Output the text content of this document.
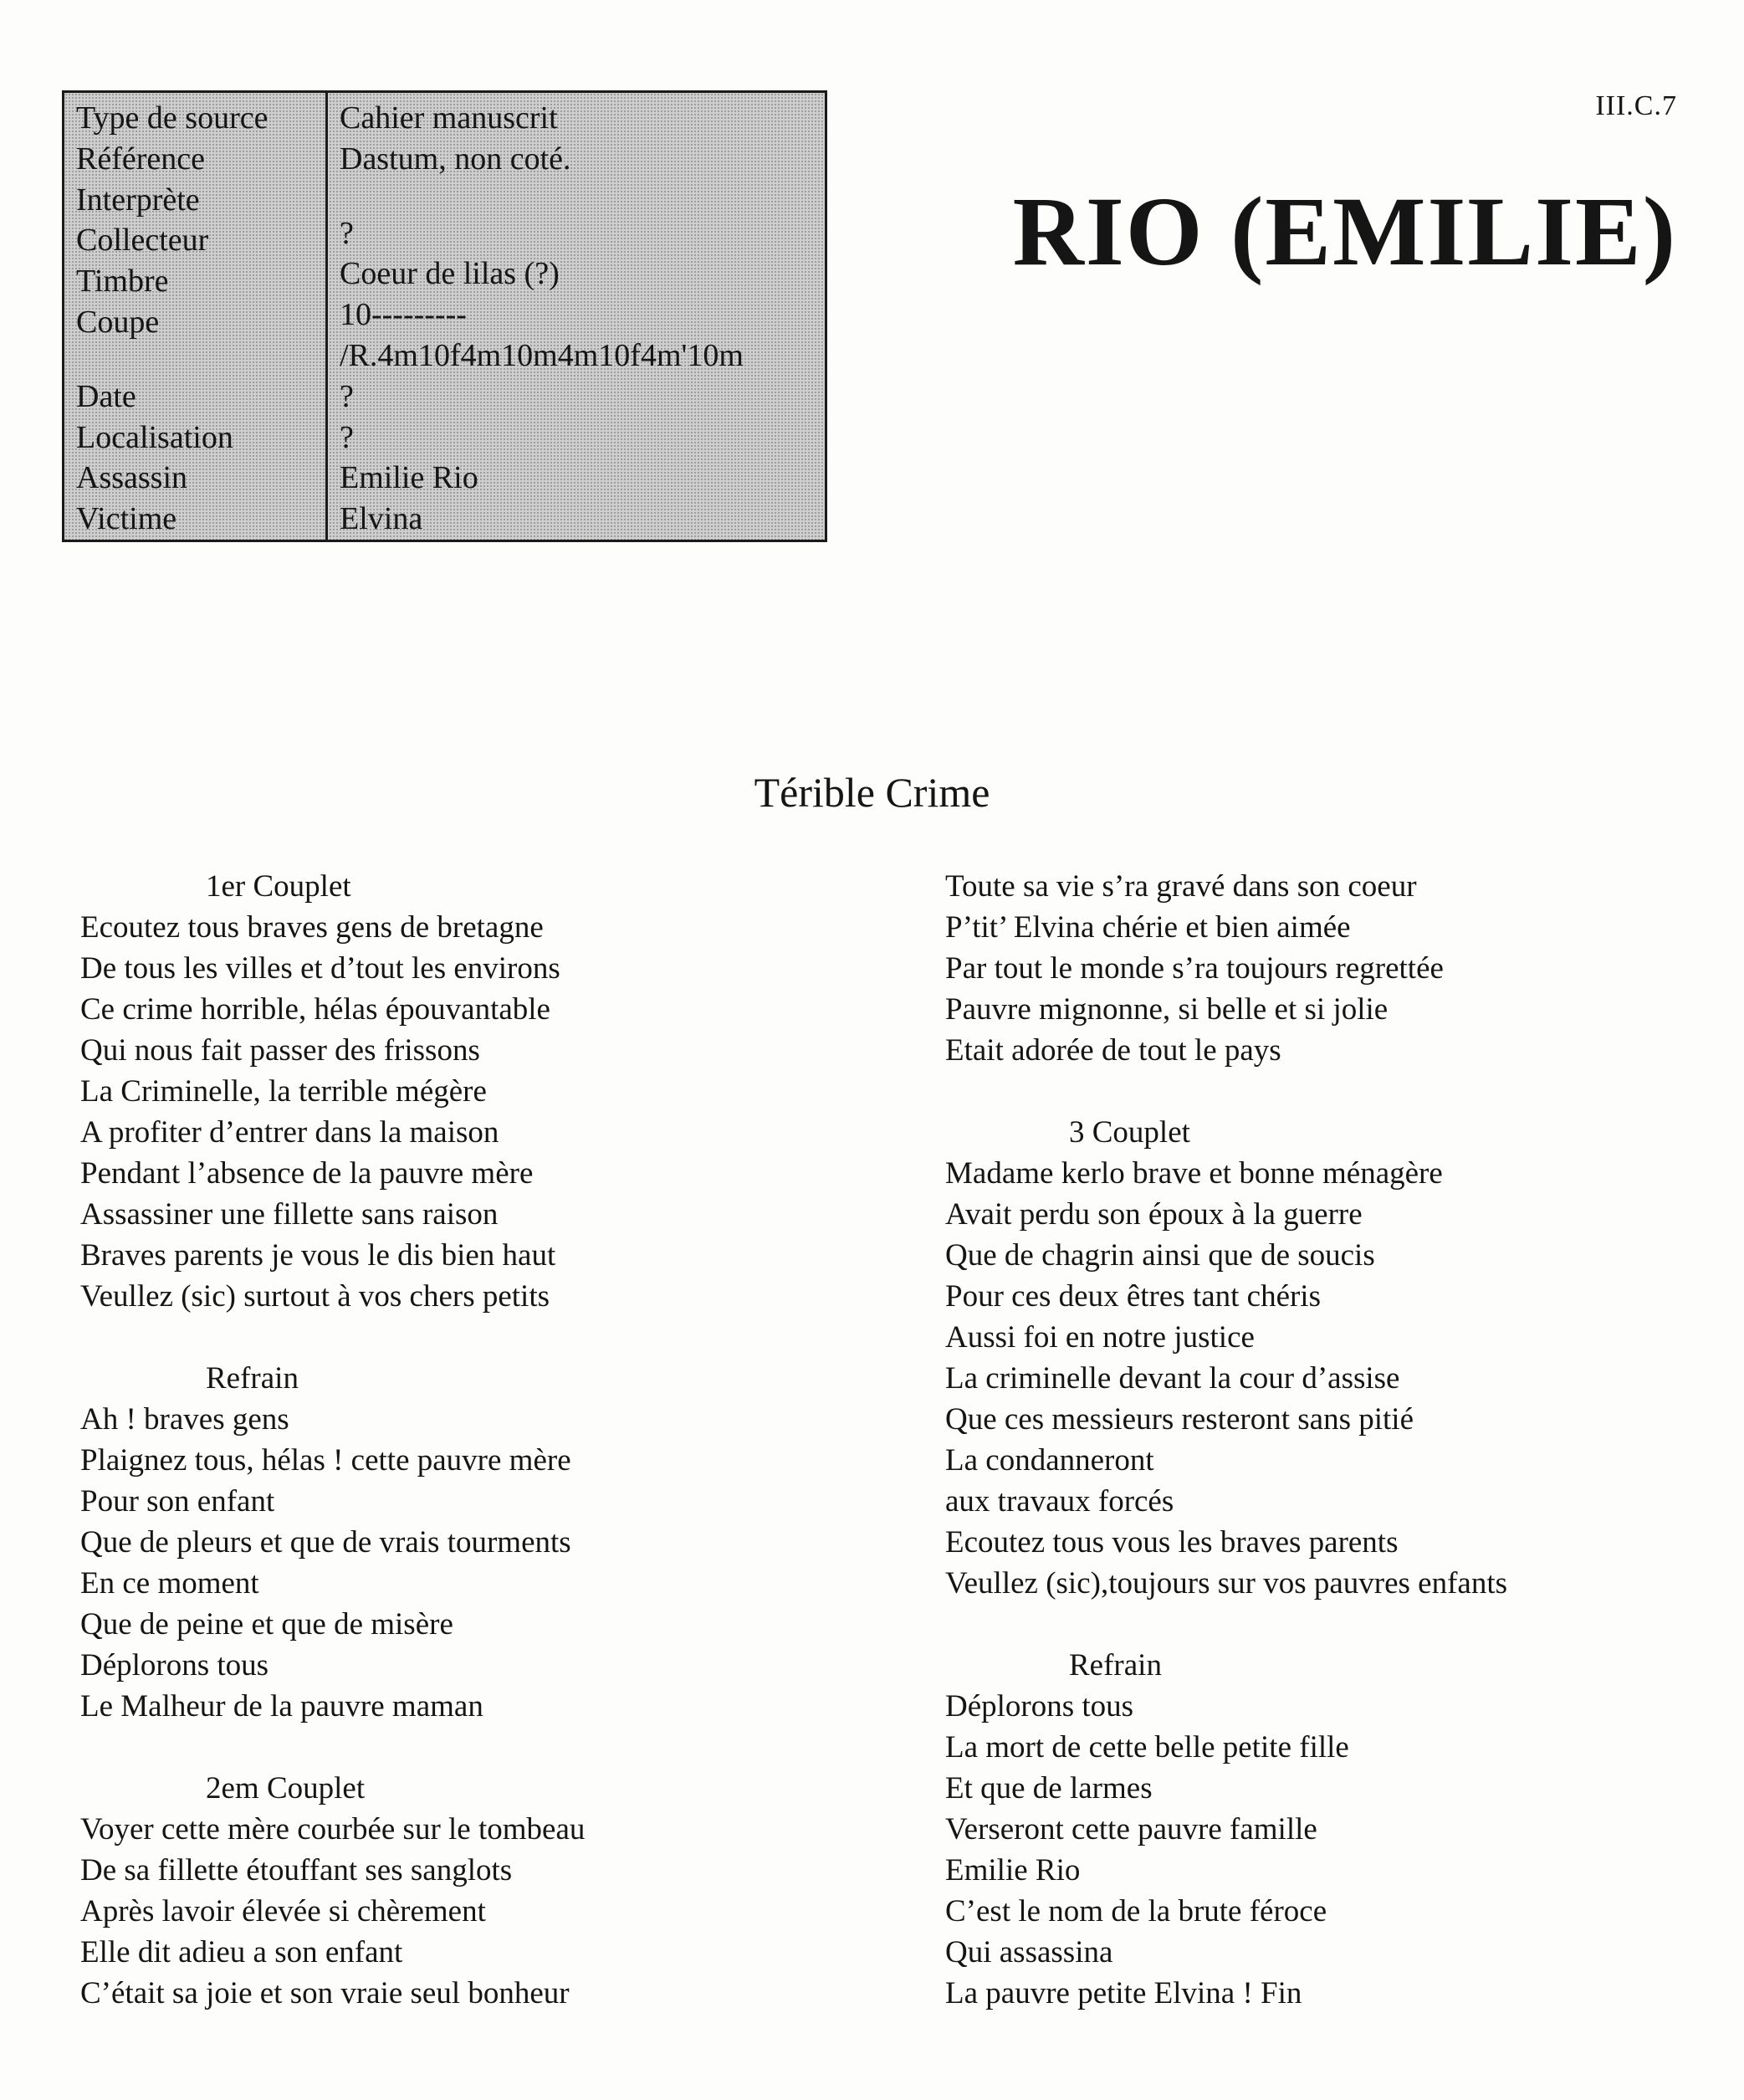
Type de source
Référence
Interprète
Collecteur
Timbre
Coupe
Date
Localisation
Assassin
Victime
Cahier manuscrit
Dastum, non coté.
?
Coeur de lilas (?)
10---------
/R.4m10f4m10m4m10f4m'10m
?
?
Emilie Rio
Elvina
III.C.7
RIO (EMILIE)
Térible Crime
1er Couplet
Ecoutez tous braves gens de bretagne
De tous les villes et d’tout les environs
Ce crime horrible, hélas épouvantable
Qui nous fait passer des frissons
La Criminelle, la terrible mégère
A profiter d’entrer dans la maison
Pendant l’absence de la pauvre mère
Assassiner une fillette sans raison
Braves parents je vous le dis bien haut
Veullez (sic) surtout à vos chers petits
Refrain
Ah ! braves gens
Plaignez tous, hélas ! cette pauvre mère
Pour son enfant
Que de pleurs et que de vrais tourments
En ce moment
Que de peine et que de misère
Déplorons tous
Le Malheur de la pauvre maman
2em Couplet
Voyer cette mère courbée sur le tombeau
De sa fillette étouffant ses sanglots
Après lavoir élevée si chèrement
Elle dit adieu a son enfant
C’était sa joie et son vraie seul bonheur
Toute sa vie s’ra gravé dans son coeur
P’tit’ Elvina chérie et bien aimée
Par tout le monde s’ra toujours regrettée
Pauvre mignonne, si belle et si jolie
Etait adorée de tout le pays
3 Couplet
Madame kerlo brave et bonne ménagère
Avait perdu son époux à la guerre
Que de chagrin ainsi que de soucis
Pour ces deux êtres tant chéris
Aussi foi en notre justice
La criminelle devant la cour d’assise
Que ces messieurs resteront sans pitié
La condanneront
aux travaux forcés
Ecoutez tous vous les braves parents
Veullez (sic),toujours sur vos pauvres enfants
Refrain
Déplorons tous
La mort de cette belle petite fille
Et que de larmes
Verseront cette pauvre famille
Emilie Rio
C’est le nom de la brute féroce
Qui assassina
La pauvre petite Elvina ! Fin
